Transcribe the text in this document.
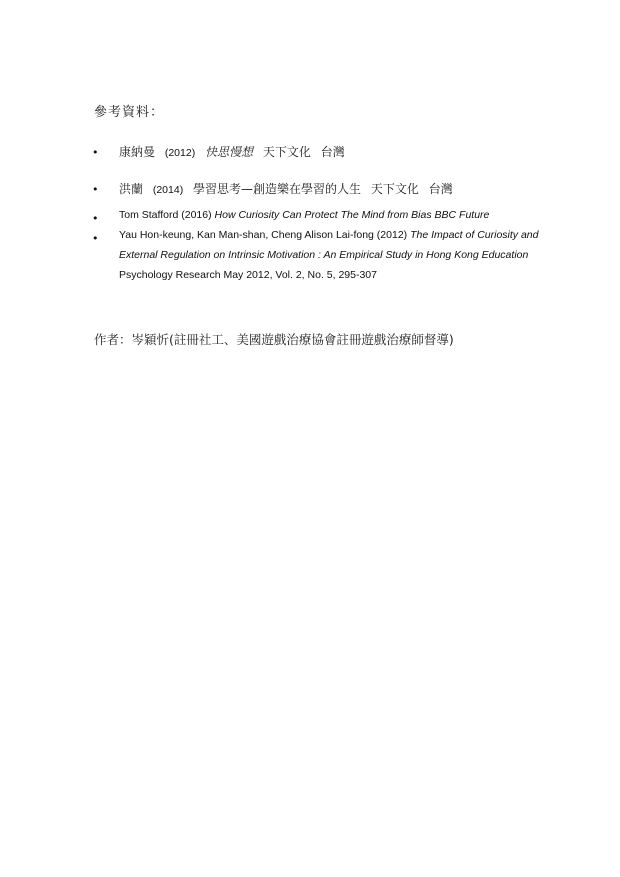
參考資料：
• 康納曼 (2012) 快思慢想 天下文化 台灣
• 洪蘭 (2014) 學習思考—創造樂在學習的人生 天下文化 台灣
• Tom Stafford (2016) How Curiosity Can Protect The Mind from Bias BBC Future
• Yau Hon-keung, Kan Man-shan, Cheng Alison Lai-fong (2012) The Impact of Curiosity and External Regulation on Intrinsic Motivation : An Empirical Study in Hong Kong Education Psychology Research May 2012, Vol. 2, No. 5, 295-307
作者：岑穎忻(註冊社工、美國遊戲治療協會註冊遊戲治療師督導)
